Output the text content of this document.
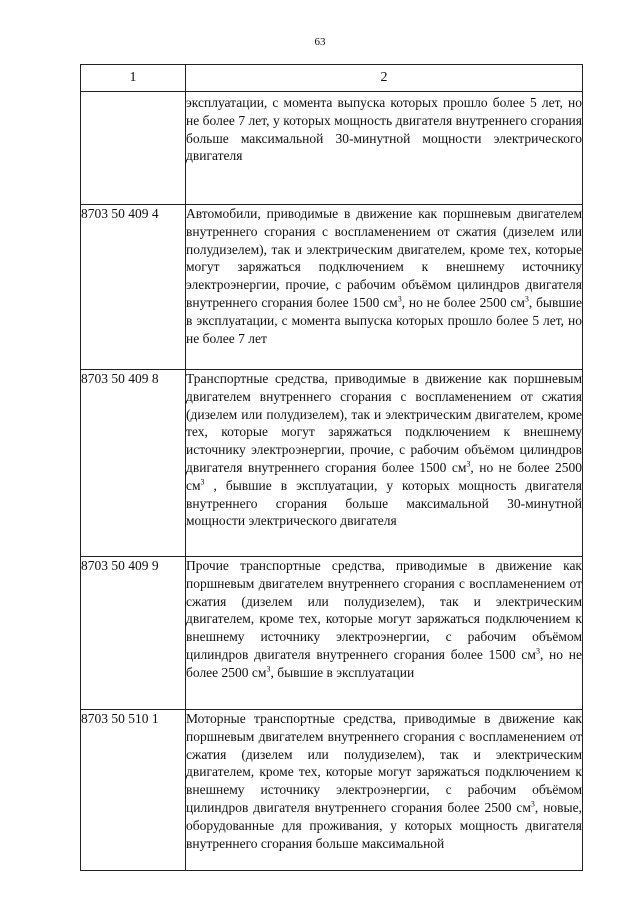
63
1	2
	эксплуатации, с момента выпуска которых прошло более 5 лет, но не более 7 лет, у которых мощность двигателя внутреннего сгорания больше максимальной 30-минутной мощности электрического двигателя
8703 50 409 4	Автомобили, приводимые в движение как поршневым двигателем внутреннего сгорания с воспламенением от сжатия (дизелем или полудизелем), так и электрическим двигателем, кроме тех, которые могут заряжаться подключением к внешнему источнику электроэнергии, прочие, с рабочим объёмом цилиндров двигателя внутреннего сгорания более 1500 $см^3$, но не более 2500 $см^3$, бывшие в эксплуатации, с момента выпуска которых прошло более 5 лет, но не более 7 лет
8703 50 409 8	Транспортные средства, приводимые в движение как поршневым двигателем внутреннего сгорания с воспламенением от сжатия (дизелем или полудизелем), так и электрическим двигателем, кроме тех, которые могут заряжаться подключением к внешнему источнику электроэнергии, прочие, с рабочим объёмом цилиндров двигателя внутреннего сгорания более 1500 $см^3$, но не более 2500 $см^3$ , бывшие в эксплуатации, у которых мощность двигателя внутреннего сгорания больше максимальной 30-минутной мощности электрического двигателя
8703 50 409 9	Прочие транспортные средства, приводимые в движение как поршневым двигателем внутреннего сгорания с воспламенением от сжатия (дизелем или полудизелем), так и электрическим двигателем, кроме тех, которые могут заряжаться подключением к внешнему источнику электроэнергии, с рабочим объёмом цилиндров двигателя внутреннего сгорания более 1500 $см^3$, но не более 2500 $см^3$, бывшие в эксплуатации
8703 50 510 1	Моторные транспортные средства, приводимые в движение как поршневым двигателем внутреннего сгорания с воспламенением от сжатия (дизелем или полудизелем), так и электрическим двигателем, кроме тех, которые могут заряжаться подключением к внешнему источнику электроэнергии, с рабочим объёмом цилиндров двигателя внутреннего сгорания более 2500 $см^3$, новые, оборудованные для проживания, у которых мощность двигателя внутреннего сгорания больше максимальной
